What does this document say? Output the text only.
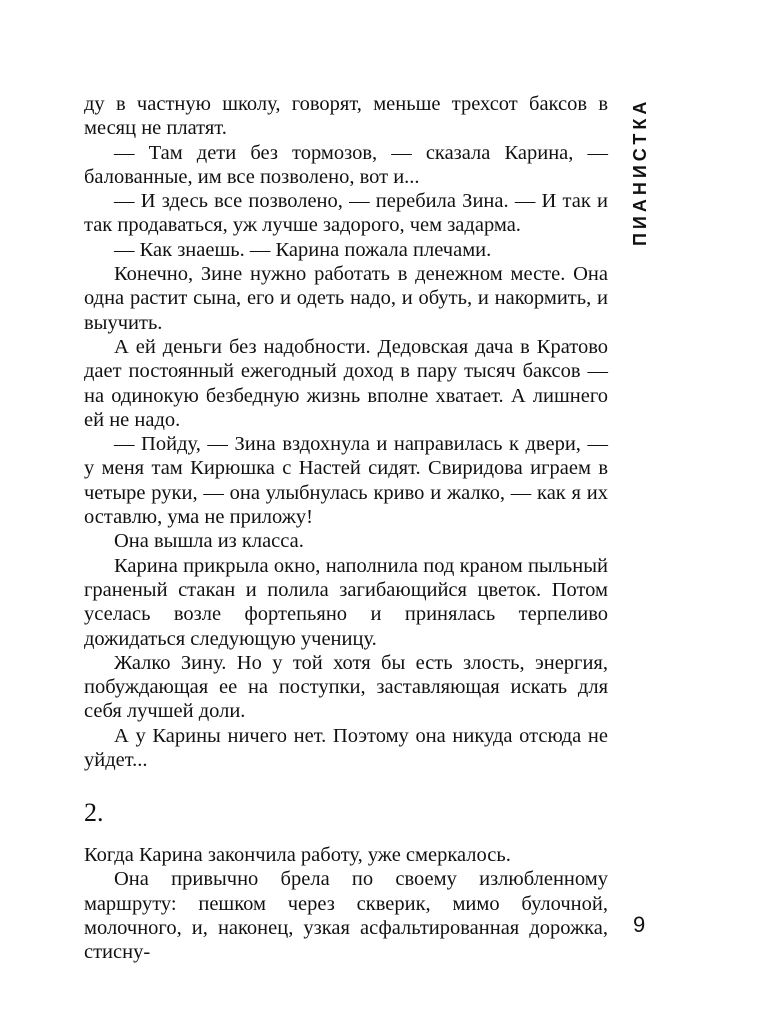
ПИАНИСТКА

ду в частную школу, говорят, меньше трехсот баксов в месяц не платят.

— Там дети без тормозов, — сказала Карина, — балованные, им все позволено, вот и...

— И здесь все позволено, — перебила Зина. — И так и так продаваться, уж лучше задорого, чем задарма.

— Как знаешь. — Карина пожала плечами.

Конечно, Зине нужно работать в денежном месте. Она одна растит сына, его и одеть надо, и обуть, и накормить, и выучить.

А ей деньги без надобности. Дедовская дача в Кратово дает постоянный ежегодный доход в пару тысяч баксов — на одинокую безбедную жизнь вполне хватает. А лишнего ей не надо.

— Пойду, — Зина вздохнула и направилась к двери, — у меня там Кирюшка с Настей сидят. Свиридова играем в четыре руки, — она улыбнулась криво и жалко, — как я их оставлю, ума не приложу!

Она вышла из класса.

Карина прикрыла окно, наполнила под краном пыльный граненый стакан и полила загибающийся цветок. Потом уселась возле фортепьяно и принялась терпеливо дожидаться следующую ученицу.

Жалко Зину. Но у той хотя бы есть злость, энергия, побуждающая ее на поступки, заставляющая искать для себя лучшей доли.

А у Карины ничего нет. Поэтому она никуда отсюда не уйдет...

2.

Когда Карина закончила работу, уже смеркалось.

Она привычно брела по своему излюбленному маршруту: пешком через скверик, мимо булочной, молочного, и, наконец, узкая асфальтированная дорожка, стисну-

9
